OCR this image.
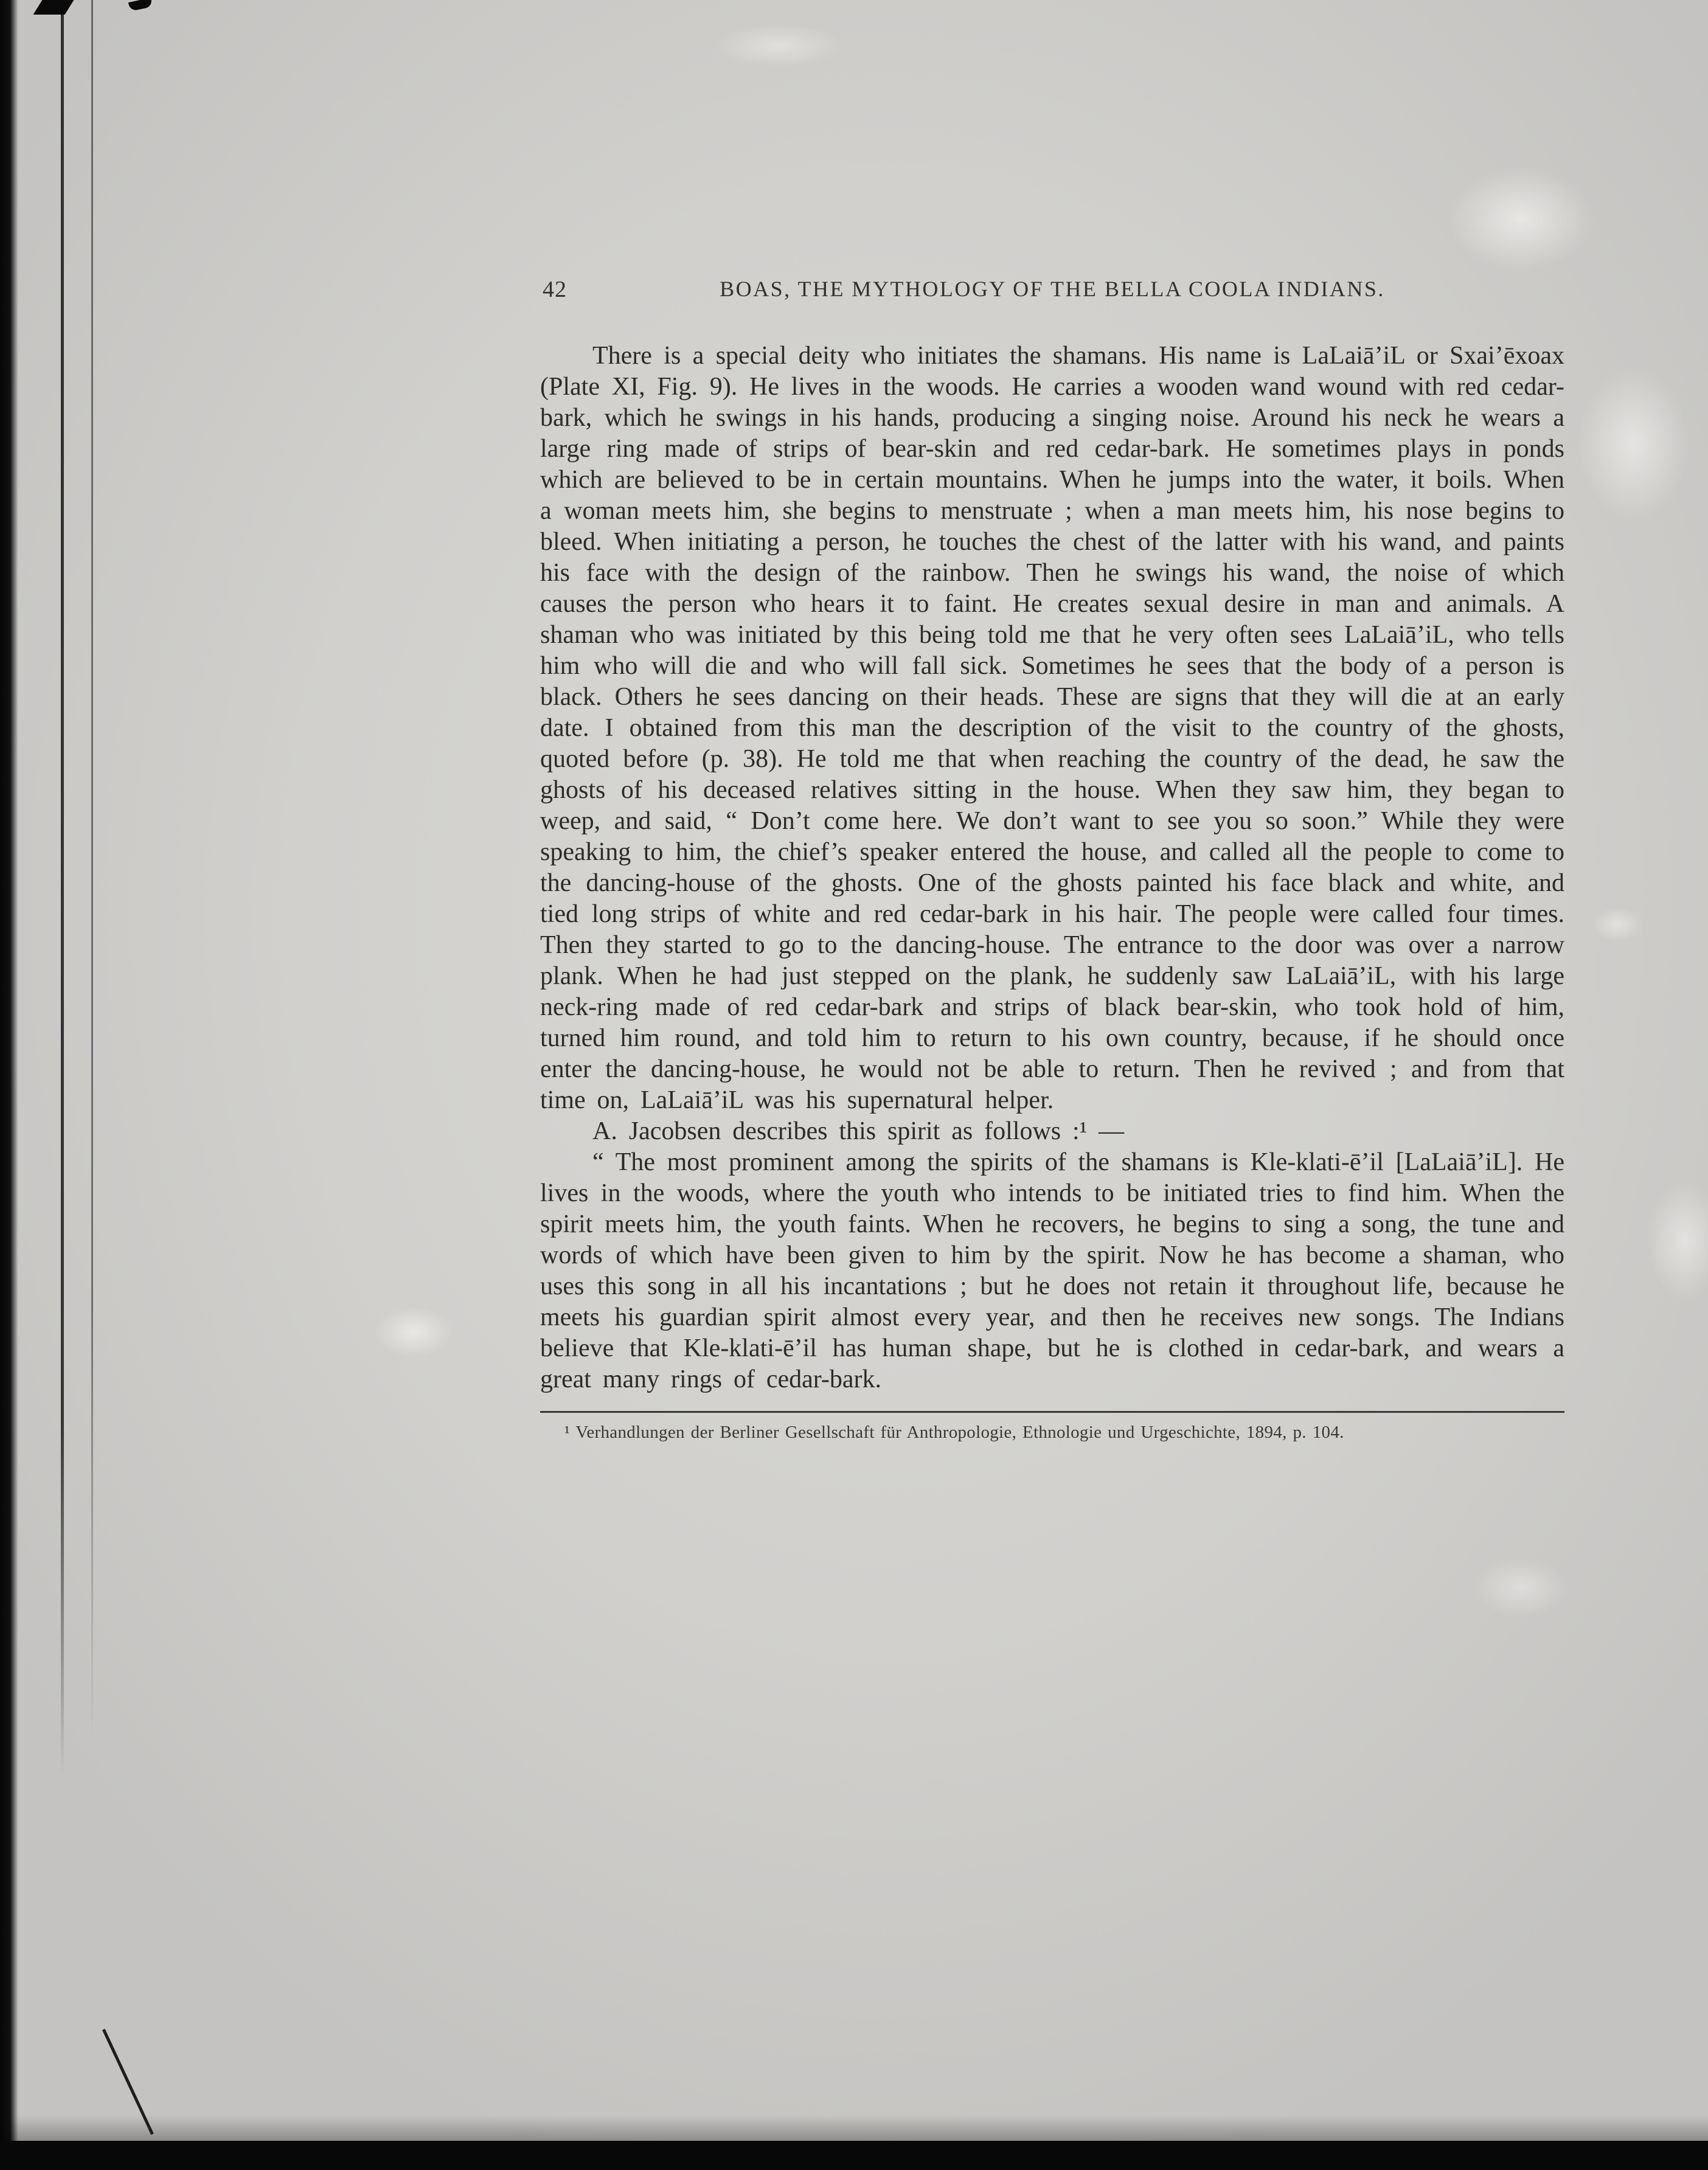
42	BOAS, THE MYTHOLOGY OF THE BELLA COOLA INDIANS.

There is a special deity who initiates the shamans. His name is LaLaiā’iL or Sxai’ēxoax (Plate XI, Fig. 9). He lives in the woods. He carries a wooden wand wound with red cedar-bark, which he swings in his hands, producing a singing noise. Around his neck he wears a large ring made of strips of bear-skin and red cedar-bark. He sometimes plays in ponds which are believed to be in certain mountains. When he jumps into the water, it boils. When a woman meets him, she begins to menstruate ; when a man meets him, his nose begins to bleed. When initiating a person, he touches the chest of the latter with his wand, and paints his face with the design of the rainbow. Then he swings his wand, the noise of which causes the person who hears it to faint. He creates sexual desire in man and animals. A shaman who was initiated by this being told me that he very often sees LaLaiā’iL, who tells him who will die and who will fall sick. Sometimes he sees that the body of a person is black. Others he sees dancing on their heads. These are signs that they will die at an early date. I obtained from this man the description of the visit to the country of the ghosts, quoted before (p. 38). He told me that when reaching the country of the dead, he saw the ghosts of his deceased relatives sitting in the house. When they saw him, they began to weep, and said, “ Don’t come here. We don’t want to see you so soon.” While they were speaking to him, the chief’s speaker entered the house, and called all the people to come to the dancing-house of the ghosts. One of the ghosts painted his face black and white, and tied long strips of white and red cedar-bark in his hair. The people were called four times. Then they started to go to the dancing-house. The entrance to the door was over a narrow plank. When he had just stepped on the plank, he suddenly saw LaLaiā’iL, with his large neck-ring made of red cedar-bark and strips of black bear-skin, who took hold of him, turned him round, and told him to return to his own country, because, if he should once enter the dancing-house, he would not be able to return. Then he revived ; and from that time on, LaLaiā’iL was his supernatural helper.

A. Jacobsen describes this spirit as follows :¹ —

“ The most prominent among the spirits of the shamans is Kle-klati-ē’il [LaLaiā’iL]. He lives in the woods, where the youth who intends to be initiated tries to find him. When the spirit meets him, the youth faints. When he recovers, he begins to sing a song, the tune and words of which have been given to him by the spirit. Now he has become a shaman, who uses this song in all his incantations ; but he does not retain it throughout life, because he meets his guardian spirit almost every year, and then he receives new songs. The Indians believe that Kle-klati-ē’il has human shape, but he is clothed in cedar-bark, and wears a great many rings of cedar-bark.

¹ Verhandlungen der Berliner Gesellschaft für Anthropologie, Ethnologie und Urgeschichte, 1894, p. 104.
